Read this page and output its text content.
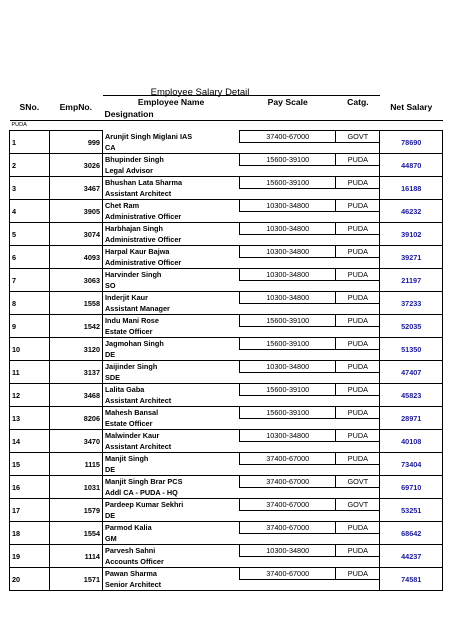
Employee Salary Detail
SNo.	EmpNo.	Employee Name	Pay Scale	Catg.	Net Salary
		Designation			
PUDA					
1	999	Arunjit Singh Miglani IAS	37400-67000	GOVT	78690
		CA			
2	3026	Bhupinder Singh	15600-39100	PUDA	44870
		Legal Advisor			
3	3467	Bhushan Lata Sharma	15600-39100	PUDA	16188
		Assistant Architect			
4	3905	Chet Ram	10300-34800	PUDA	46232
		Administrative Officer			
5	3074	Harbhajan Singh	10300-34800	PUDA	39102
		Administrative Officer			
6	4093	Harpal Kaur Bajwa	10300-34800	PUDA	39271
		Administrative Officer			
7	3063	Harvinder Singh	10300-34800	PUDA	21197
		SO			
8	1558	Inderjit Kaur	10300-34800	PUDA	37233
		Assistant Manager			
9	1542	Indu Mani Rose	15600-39100	PUDA	52035
		Estate Officer			
10	3120	Jagmohan Singh	15600-39100	PUDA	51350
		DE			
11	3137	Jaijinder Singh	10300-34800	PUDA	47407
		SDE			
12	3468	Lalita Gaba	15600-39100	PUDA	45823
		Assistant Architect			
13	8206	Mahesh Bansal	15600-39100	PUDA	28971
		Estate Officer			
14	3470	Malwinder Kaur	10300-34800	PUDA	40108
		Assistant Architect			
15	1115	Manjit Singh	37400-67000	PUDA	73404
		DE			
16	1031	Manjit Singh Brar PCS	37400-67000	GOVT	69710
		Addl CA - PUDA - HQ			
17	1579	Pardeep Kumar Sekhri	37400-67000	GOVT	53251
		DE			
18	1554	Parmod Kalia	37400-67000	PUDA	68642
		GM			
19	1114	Parvesh Sahni	10300-34800	PUDA	44237
		Accounts Officer			
20	1571	Pawan Sharma	37400-67000	PUDA	74581
		Senior Architect			
